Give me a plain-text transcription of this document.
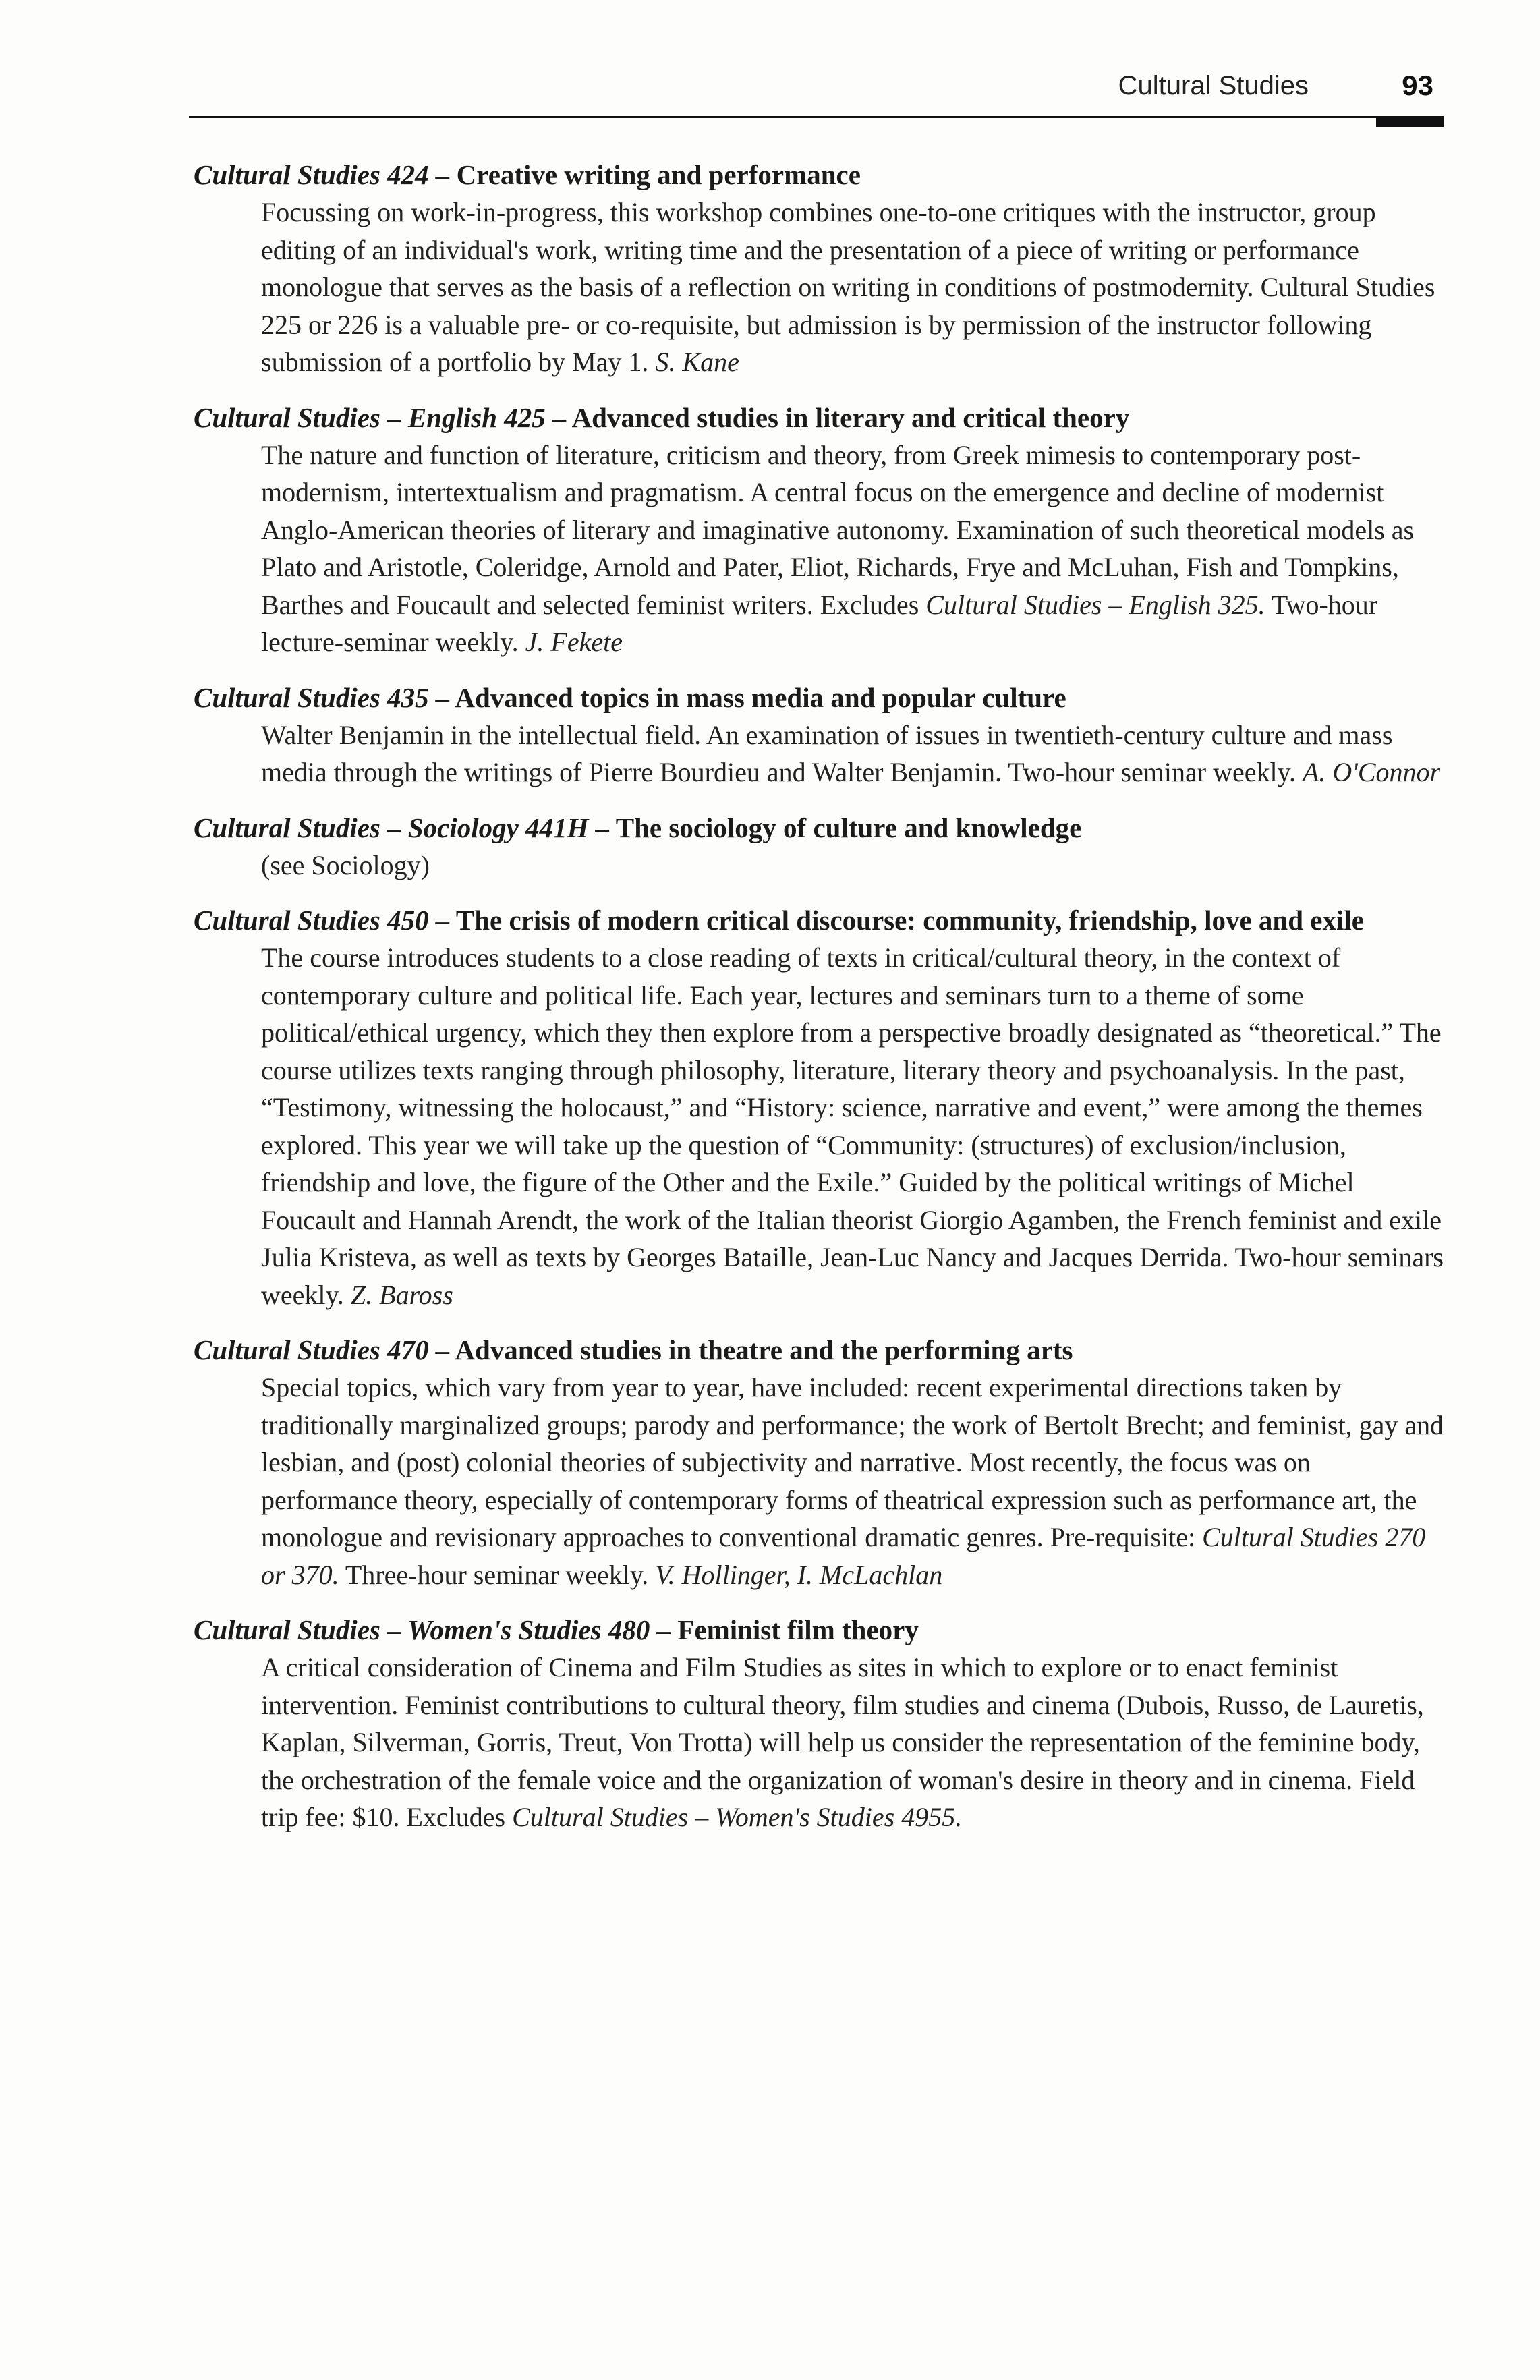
Cultural Studies	93
Cultural Studies 424 – Creative writing and performance
Focussing on work-in-progress, this workshop combines one-to-one critiques with the instructor, group editing of an individual's work, writing time and the presentation of a piece of writing or performance monologue that serves as the basis of a reflection on writing in conditions of postmodernity. Cultural Studies 225 or 226 is a valuable pre- or co-requisite, but admission is by permission of the instructor following submission of a portfolio by May 1. S. Kane
Cultural Studies – English 425 – Advanced studies in literary and critical theory
The nature and function of literature, criticism and theory, from Greek mimesis to contemporary post-modernism, intertextualism and pragmatism. A central focus on the emergence and decline of modernist Anglo-American theories of literary and imaginative autonomy. Examination of such theoretical models as Plato and Aristotle, Coleridge, Arnold and Pater, Eliot, Richards, Frye and McLuhan, Fish and Tompkins, Barthes and Foucault and selected feminist writers. Excludes Cultural Studies – English 325. Two-hour lecture-seminar weekly. J. Fekete
Cultural Studies 435 – Advanced topics in mass media and popular culture
Walter Benjamin in the intellectual field. An examination of issues in twentieth-century culture and mass media through the writings of Pierre Bourdieu and Walter Benjamin. Two-hour seminar weekly. A. O'Connor
Cultural Studies – Sociology 441H – The sociology of culture and knowledge
(see Sociology)
Cultural Studies 450 – The crisis of modern critical discourse: community, friendship, love and exile
The course introduces students to a close reading of texts in critical/cultural theory, in the context of contemporary culture and political life. Each year, lectures and seminars turn to a theme of some political/ethical urgency, which they then explore from a perspective broadly designated as “theoretical.” The course utilizes texts ranging through philosophy, literature, literary theory and psychoanalysis. In the past, “Testimony, witnessing the holocaust,” and “History: science, narrative and event,” were among the themes explored. This year we will take up the question of “Community: (structures) of exclusion/inclusion, friendship and love, the figure of the Other and the Exile.” Guided by the political writings of Michel Foucault and Hannah Arendt, the work of the Italian theorist Giorgio Agamben, the French feminist and exile Julia Kristeva, as well as texts by Georges Bataille, Jean-Luc Nancy and Jacques Derrida. Two-hour seminars weekly. Z. Baross
Cultural Studies 470 – Advanced studies in theatre and the performing arts
Special topics, which vary from year to year, have included: recent experimental directions taken by traditionally marginalized groups; parody and performance; the work of Bertolt Brecht; and feminist, gay and lesbian, and (post) colonial theories of subjectivity and narrative. Most recently, the focus was on performance theory, especially of contemporary forms of theatrical expression such as performance art, the monologue and revisionary approaches to conventional dramatic genres. Pre-requisite: Cultural Studies 270 or 370. Three-hour seminar weekly. V. Hollinger, I. McLachlan
Cultural Studies – Women's Studies 480 – Feminist film theory
A critical consideration of Cinema and Film Studies as sites in which to explore or to enact feminist intervention. Feminist contributions to cultural theory, film studies and cinema (Dubois, Russo, de Lauretis, Kaplan, Silverman, Gorris, Treut, Von Trotta) will help us consider the representation of the feminine body, the orchestration of the female voice and the organization of woman's desire in theory and in cinema. Field trip fee: $10. Excludes Cultural Studies – Women's Studies 4955.
